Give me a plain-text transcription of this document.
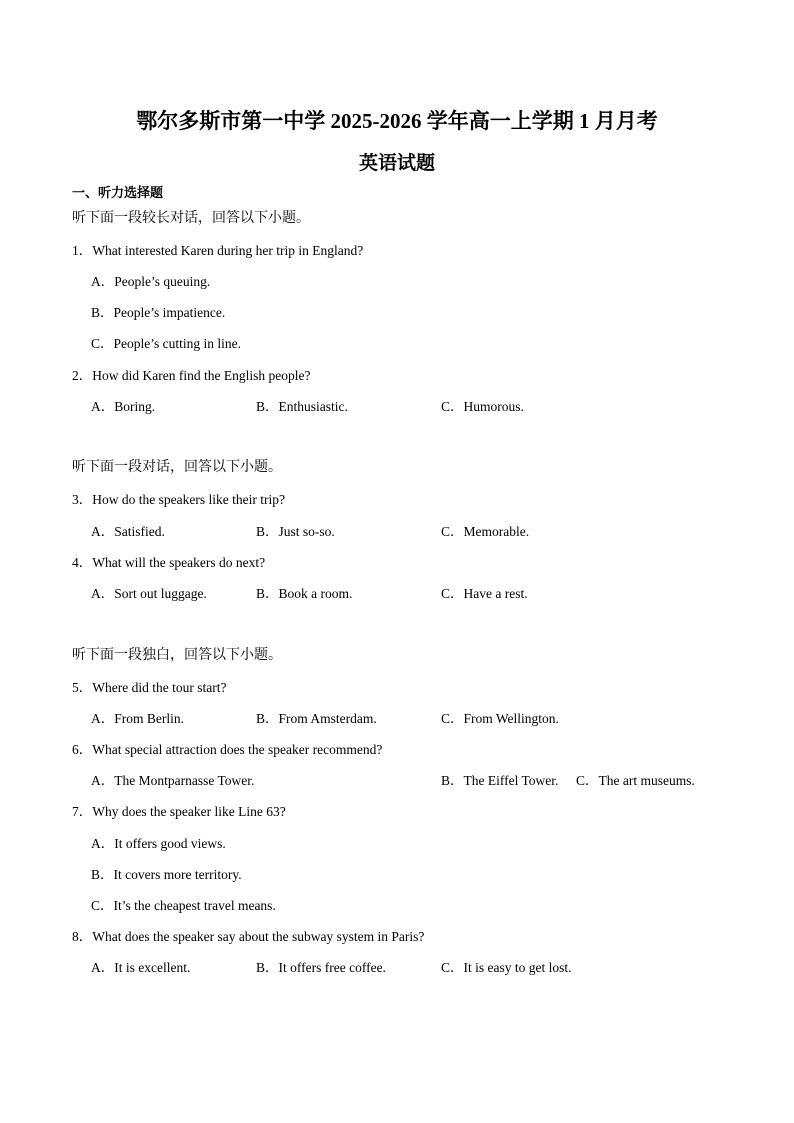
鄂尔多斯市第一中学 2025-2026 学年高一上学期 1 月月考
英语试题
一、听力选择题
听下面一段较长对话，回答以下小题。
1．What interested Karen during her trip in England?
A．People’s queuing.
B．People’s impatience.
C．People’s cutting in line.
2．How did Karen find the English people?
A．Boring.	B．Enthusiastic.	C．Humorous.
听下面一段对话，回答以下小题。
3．How do the speakers like their trip?
A．Satisfied.	B．Just so-so.	C．Memorable.
4．What will the speakers do next?
A．Sort out luggage.	B．Book a room.	C．Have a rest.
听下面一段独白，回答以下小题。
5．Where did the tour start?
A．From Berlin.	B．From Amsterdam.	C．From Wellington.
6．What special attraction does the speaker recommend?
A．The Montparnasse Tower.	B．The Eiffel Tower. C．The art museums.
7．Why does the speaker like Line 63?
A．It offers good views.
B．It covers more territory.
C．It’s the cheapest travel means.
8．What does the speaker say about the subway system in Paris?
A．It is excellent.	B．It offers free coffee.	C．It is easy to get lost.
